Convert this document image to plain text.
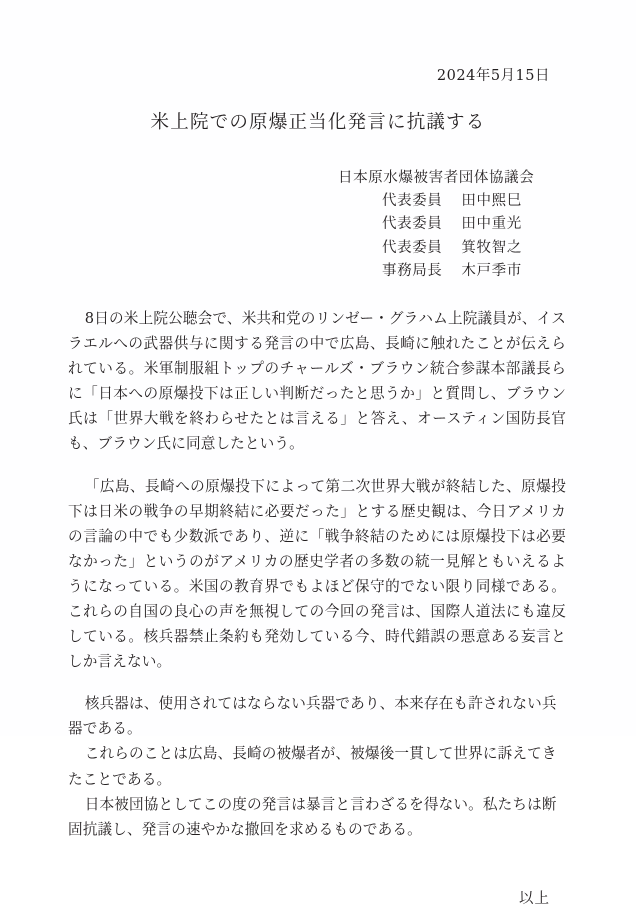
2024年5月15日

米上院での原爆正当化発言に抗議する
日本原水爆被害者団体協議会
代表委員 田中熙巳
代表委員 田中重光
代表委員 箕牧智之
事務局長 木戸季市

8日の米上院公聴会で、米共和党のリンゼー・グラハム上院議員が、イスラエルへの武器供与に関する発言の中で広島、長崎に触れたことが伝えられている。米軍制服組トップのチャールズ・ブラウン統合参謀本部議長らに「日本への原爆投下は正しい判断だったと思うか」と質問し、ブラウン氏は「世界大戦を終わらせたとは言える」と答え、オースティン国防長官も、ブラウン氏に同意したという。

「広島、長崎への原爆投下によって第二次世界大戦が終結した、原爆投下は日米の戦争の早期終結に必要だった」とする歴史観は、今日アメリカの言論の中でも少数派であり、逆に「戦争終結のためには原爆投下は必要なかった」というのがアメリカの歴史学者の多数の統一見解ともいえるようになっている。米国の教育界でもよほど保守的でない限り同様である。これらの自国の良心の声を無視しての今回の発言は、国際人道法にも違反している。核兵器禁止条約も発効している今、時代錯誤の悪意ある妄言としか言えない。

核兵器は、使用されてはならない兵器であり、本来存在も許されない兵器である。
これらのことは広島、長崎の被爆者が、被爆後一貫して世界に訴えてきたことである。
日本被団協としてこの度の発言は暴言と言わざるを得ない。私たちは断固抗議し、発言の速やかな撤回を求めるものである。

以上
